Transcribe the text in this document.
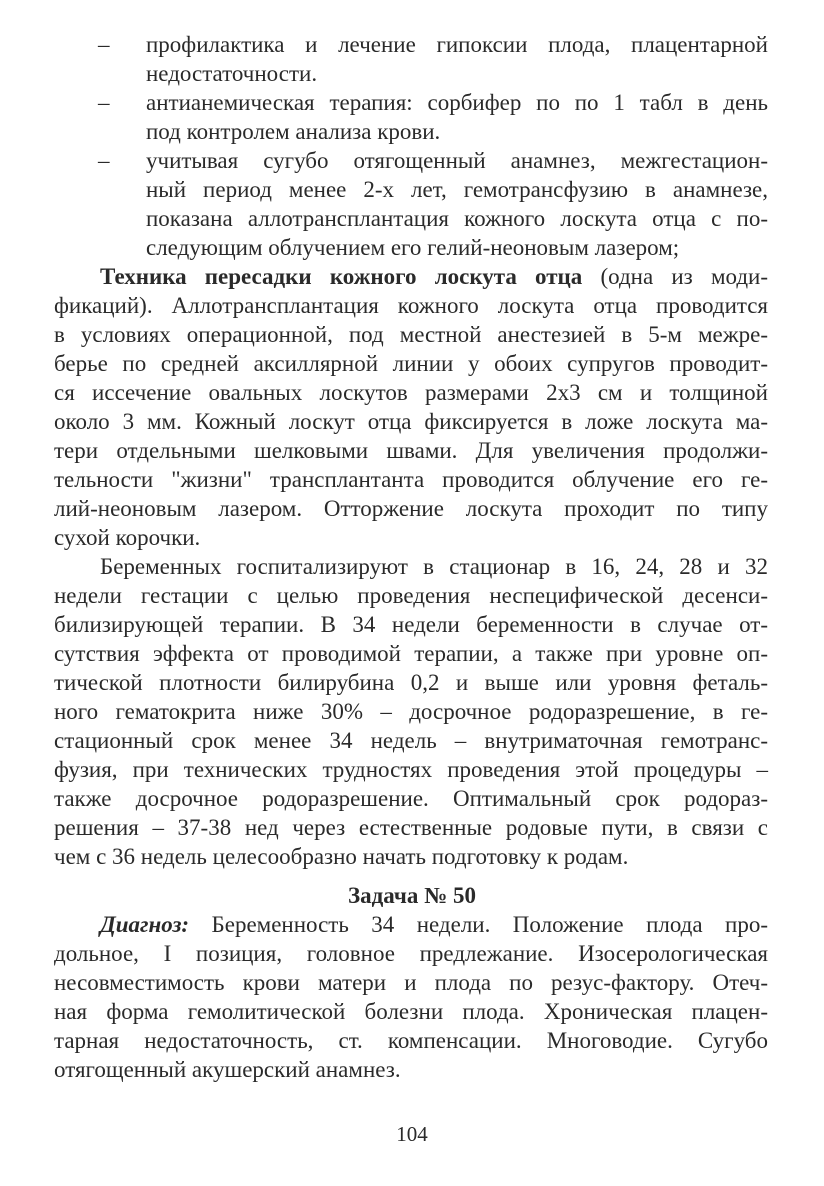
– профилактика и лечение гипоксии плода, плацентарной

недостаточности.

– антианемическая терапия: сорбифер по по 1 табл в день

под контролем анализа крови.

– учитывая сугубо отягощенный анамнез, межгестацион-

ный период менее 2-х лет, гемотрансфузию в анамнезе,

показана аллотрансплантация кожного лоскута отца с по-

следующим облучением его гелий-неоновым лазером;

Техника пересадки кожного лоскута отца (одна из моди-

фикаций). Аллотрансплантация кожного лоскута отца проводится

в условиях операционной, под местной анестезией в 5-м межре-

берье по средней аксиллярной линии у обоих супругов проводит-

ся иссечение овальных лоскутов размерами 2х3 см и толщиной

около 3 мм. Кожный лоскут отца фиксируется в ложе лоскута ма-

тери отдельными шелковыми швами. Для увеличения продолжи-

тельности "жизни" трансплантанта проводится облучение его ге-

лий-неоновым лазером. Отторжение лоскута проходит по типу

сухой корочки.

Беременных госпитализируют в стационар в 16, 24, 28 и 32

недели гестации с целью проведения неспецифической десенси-

билизирующей терапии. В 34 недели беременности в случае от-

сутствия эффекта от проводимой терапии, а также при уровне оп-

тической плотности билирубина 0,2 и выше или уровня феталь-

ного гематокрита ниже 30% – досрочное родоразрешение, в ге-

стационный срок менее 34 недель – внутриматочная гемотранс-

фузия, при технических трудностях проведения этой процедуры –

также досрочное родоразрешение. Оптимальный срок родораз-

решения – 37-38 нед через естественные родовые пути, в связи с

чем с 36 недель целесообразно начать подготовку к родам.

Задача № 50

Диагноз: Беременность 34 недели. Положение плода про-

дольное, I позиция, головное предлежание. Изосерологическая

несовместимость крови матери и плода по резус-фактору. Отеч-

ная форма гемолитической болезни плода. Хроническая плацен-

тарная недостаточность, ст. компенсации. Многоводие. Сугубо

отягощенный акушерский анамнез.

104
